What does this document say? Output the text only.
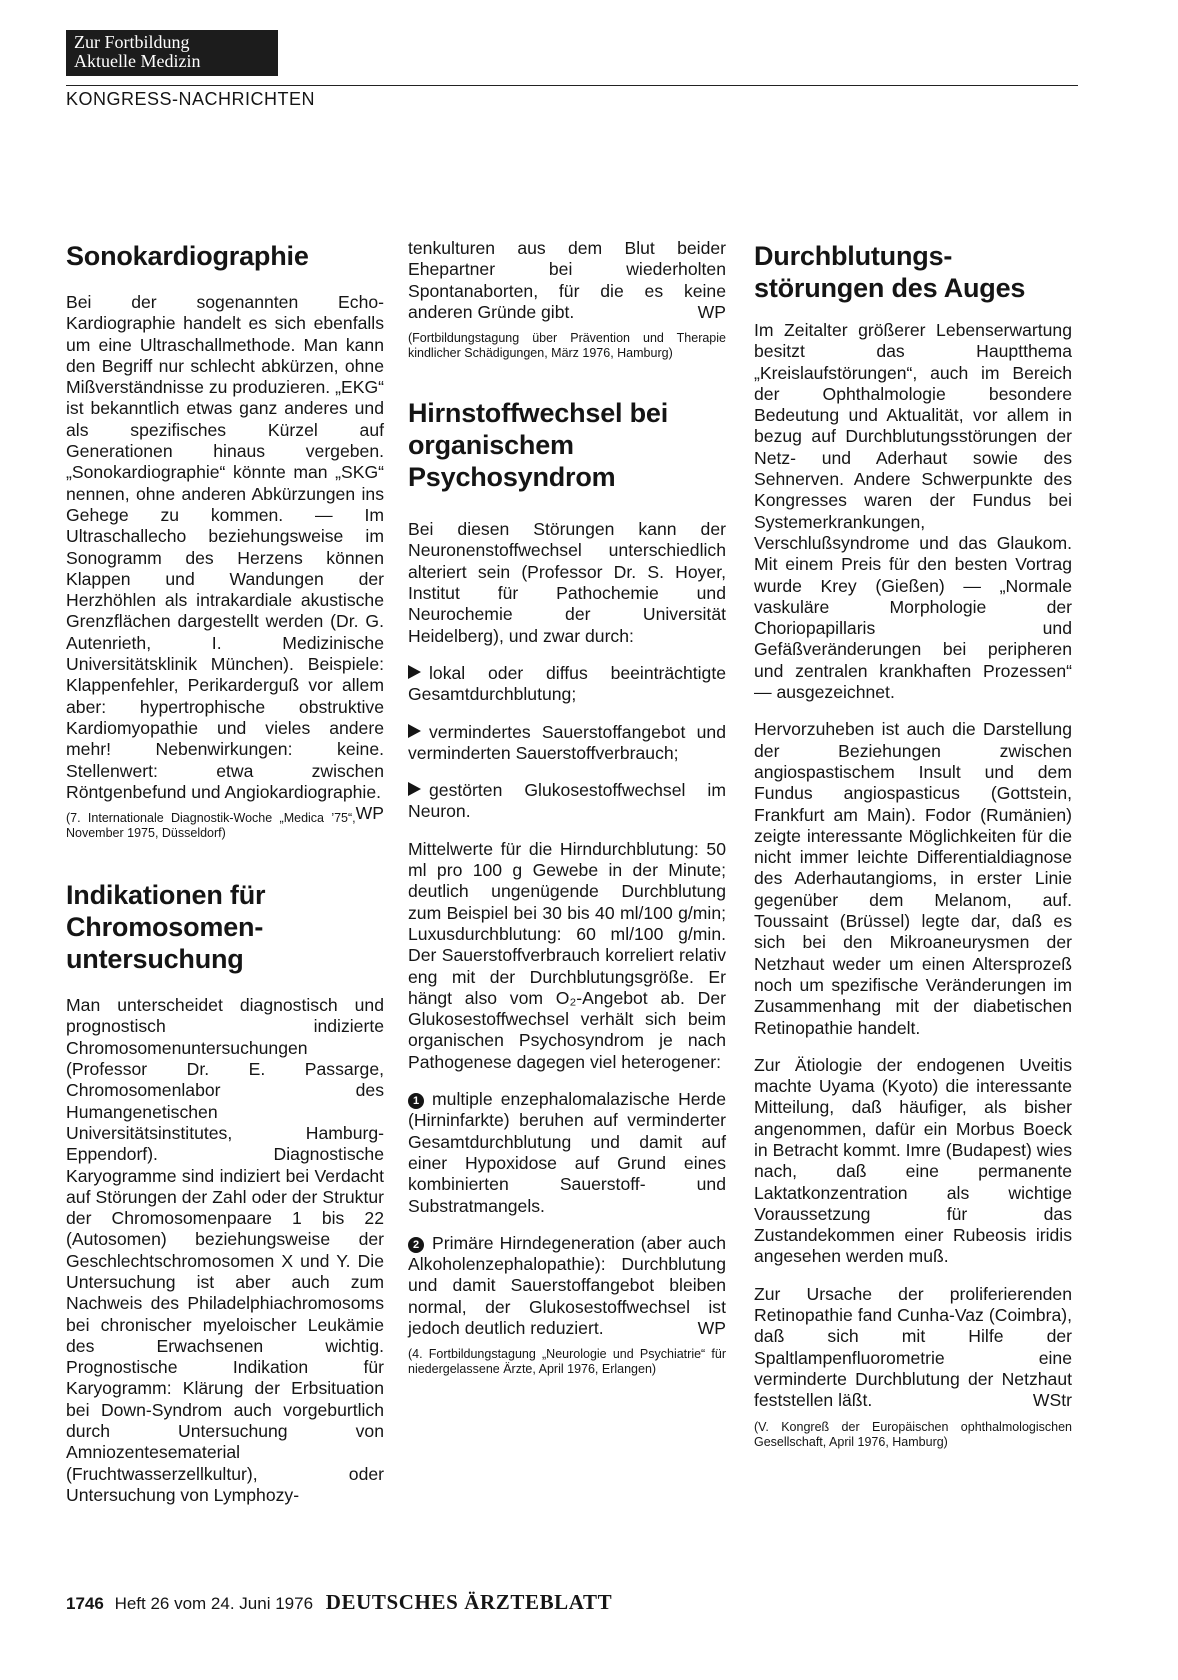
Zur Fortbildung
Aktuelle Medizin
KONGRESS-NACHRICHTEN
Sonokardiographie

Bei der sogenannten Echo-Kardiographie handelt es sich ebenfalls um eine Ultraschallmethode. Man kann den Begriff nur schlecht abkürzen, ohne Mißverständnisse zu produzieren. „EKG“ ist bekanntlich etwas ganz anderes und als spezifisches Kürzel auf Generationen hinaus vergeben. „Sonokardiographie“ könnte man „SKG“ nennen, ohne anderen Abkürzungen ins Gehege zu kommen. — Im Ultraschallecho beziehungsweise im Sonogramm des Herzens können Klappen und Wandungen der Herzhöhlen als intrakardiale akustische Grenzflächen dargestellt werden (Dr. G. Autenrieth, I. Medizinische Universitätsklinik München). Beispiele: Klappenfehler, Perikarderguß vor allem aber: hypertrophische obstruktive Kardiomyopathie und vieles andere mehr! Nebenwirkungen: keine. Stellenwert: etwa zwischen Röntgenbefund und Angiokardiographie.
WP

(7. Internationale Diagnostik-Woche „Medica ’75“, November 1975, Düsseldorf)
Indikationen für Chromosomen-untersuchung

Man unterscheidet diagnostisch und prognostisch indizierte Chromosomenuntersuchungen (Professor Dr. E. Passarge, Chromosomenlabor des Humangenetischen Universitätsinstitutes, Hamburg-Eppendorf). Diagnostische Karyogramme sind indiziert bei Verdacht auf Störungen der Zahl oder der Struktur der Chromosomenpaare 1 bis 22 (Autosomen) beziehungsweise der Geschlechtschromosomen X und Y. Die Untersuchung ist aber auch zum Nachweis des Philadelphiachromosoms bei chronischer myeloischer Leukämie des Erwachsenen wichtig. Prognostische Indikation für Karyogramm: Klärung der Erbsituation bei Down-Syndrom auch vorgeburtlich durch Untersuchung von Amniozentesematerial (Fruchtwasserzellkultur), oder Untersuchung von Lymphozy-

tenkulturen aus dem Blut beider Ehepartner bei wiederholten Spontanaborten, für die es keine anderen Gründe gibt.	WP

(Fortbildungstagung über Prävention und Therapie kindlicher Schädigungen, März 1976, Hamburg)
Hirnstoffwechsel bei organischem Psychosyndrom

Bei diesen Störungen kann der Neuronenstoffwechsel unterschiedlich alteriert sein (Professor Dr. S. Hoyer, Institut für Pathochemie und Neurochemie der Universität Heidelberg), und zwar durch:

lokal oder diffus beeinträchtigte Gesamtdurchblutung;

vermindertes Sauerstoffangebot und verminderten Sauerstoffverbrauch;

gestörten Glukosestoffwechsel im Neuron.

Mittelwerte für die Hirndurchblutung: 50 ml pro 100 g Gewebe in der Minute; deutlich ungenügende Durchblutung zum Beispiel bei 30 bis 40 ml/100 g/min; Luxusdurchblutung: 60 ml/100 g/min. Der Sauerstoffverbrauch korreliert relativ eng mit der Durchblutungsgröße. Er hängt also vom O₂-Angebot ab. Der Glukosestoffwechsel verhält sich beim organischen Psychosyndrom je nach Pathogenese dagegen viel heterogener:

1 multiple enzephalomalazische Herde (Hirninfarkte) beruhen auf verminderter Gesamtdurchblutung und damit auf einer Hypoxidose auf Grund eines kombinierten Sauerstoff- und Substratmangels.

2 Primäre Hirndegeneration (aber auch Alkoholenzephalopathie): Durchblutung und damit Sauerstoffangebot bleiben normal, der Glukosestoffwechsel ist jedoch deutlich reduziert.	WP

(4. Fortbildungstagung „Neurologie und Psychiatrie“ für niedergelassene Ärzte, April 1976, Erlangen)
Durchblutungs-störungen des Auges

Im Zeitalter größerer Lebenserwartung besitzt das Hauptthema „Kreislaufstörungen“, auch im Bereich der Ophthalmologie besondere Bedeutung und Aktualität, vor allem in bezug auf Durchblutungsstörungen der Netz- und Aderhaut sowie des Sehnerven. Andere Schwerpunkte des Kongresses waren der Fundus bei Systemerkrankungen, Verschlußsyndrome und das Glaukom. Mit einem Preis für den besten Vortrag wurde Krey (Gießen) — „Normale vaskuläre Morphologie der Choriopapillaris und Gefäßveränderungen bei peripheren und zentralen krankhaften Prozessen“ — ausgezeichnet.

Hervorzuheben ist auch die Darstellung der Beziehungen zwischen angiospastischem Insult und dem Fundus angiospasticus (Gottstein, Frankfurt am Main). Fodor (Rumänien) zeigte interessante Möglichkeiten für die nicht immer leichte Differentialdiagnose des Aderhautangioms, in erster Linie gegenüber dem Melanom, auf. Toussaint (Brüssel) legte dar, daß es sich bei den Mikroaneurysmen der Netzhaut weder um einen Altersprozeß noch um spezifische Veränderungen im Zusammenhang mit der diabetischen Retinopathie handelt.

Zur Ätiologie der endogenen Uveitis machte Uyama (Kyoto) die interessante Mitteilung, daß häufiger, als bisher angenommen, dafür ein Morbus Boeck in Betracht kommt. Imre (Budapest) wies nach, daß eine permanente Laktatkonzentration als wichtige Voraussetzung für das Zustandekommen einer Rubeosis iridis angesehen werden muß.

Zur Ursache der proliferierenden Retinopathie fand Cunha-Vaz (Coimbra), daß sich mit Hilfe der Spaltlampenfluorometrie eine verminderte Durchblutung der Netzhaut feststellen läßt.	WStr

(V. Kongreß der Europäischen ophthalmologischen Gesellschaft, April 1976, Hamburg)
1746 Heft 26 vom 24. Juni 1976 DEUTSCHES ÄRZTEBLATT
